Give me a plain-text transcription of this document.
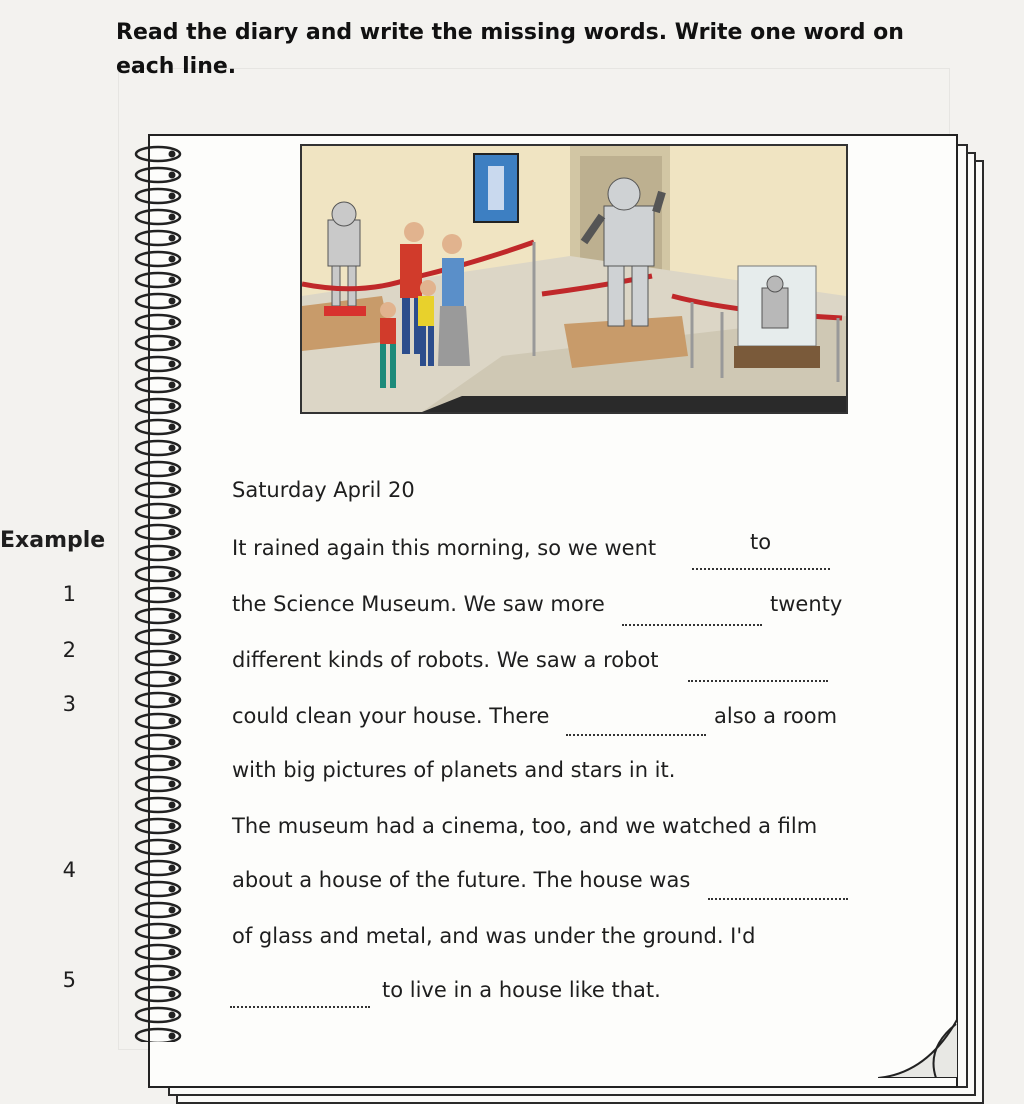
Read the diary and write the missing words. Write one word on each line.
Saturday April 20
Example	It rained again this morning, so we went	to
1	the Science Museum. We saw more	twenty
2	different kinds of robots. We saw a robot
3	could clean your house. There	also a room
with big pictures of planets and stars in it.
The museum had a cinema, too, and we watched a film
4	about a house of the future. The house was
of glass and metal, and was under the ground. I'd
5	to live in a house like that.
